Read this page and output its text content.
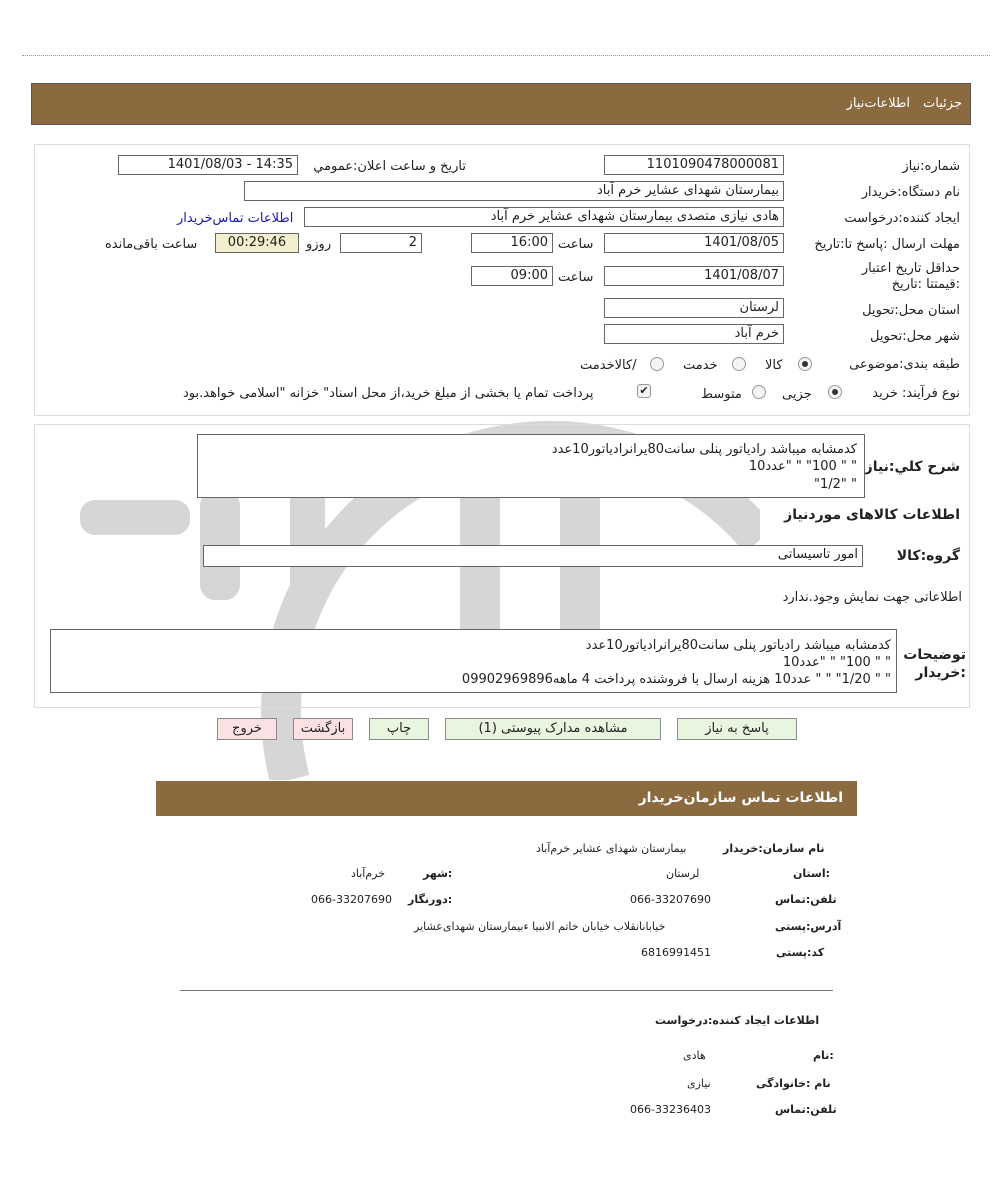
جزئیات
اطلاعات‌نیاز
شماره:نیاز
1101090478000081
تاریخ و ساعت اعلان:عمومي
1401/08/03 - 14:35
نام دستگاه:خریدار
بیمارستان شهدای عشایر خرم آباد
ایجاد کننده:درخواست
هادی نیازی متصدی بیمارستان شهدای عشایر خرم آباد
اطلاعات تماس‌خریدار
مهلت ارسال :پاسخ تا:تاریخ
1401/08/05
ساعت
16:00
2
روزو
00:29:46
ساعت باقی‌مانده
حداقل تاریخ اعتبار :قیمتتا :تاریخ
1401/08/07
ساعت
09:00
استان محل:تحویل
لرستان
شهر محل:تحویل
خرم آباد
طبقه بندی:موضوعی
کالا
خدمت
/کالاخدمت
نوع فرآیند: خرید
جزیی
متوسط
✔
پرداخت تمام یا بخشی از مبلغ خرید،از محل اسناد" خزانه "اسلامی خواهد.بود
شرح کلي:نياز
کدمشابه میباشد رادیاتور پنلی سانت80یرانرادیاتور10عدد
" " 100" " "عدد10
" "1/2"
اطلاعات کالاهای مورد‌نیاز
گروه:کالا
امور تاسیساتی
اطلاعاتی جهت نمایش وجود.ندارد
توضیحات :خریدار
کدمشابه میباشد رادیاتور پنلی سانت80یرانرادیاتور10عدد
" " 100" " "عدد10
" " 1/20" " " عدد10 هزینه ارسال با فروشنده پرداخت 4 ماهه09902969896
پاسخ به نیاز
مشاهده مدارک پیوستی (1)
چاپ
بازگشت
خروج
اطلاعات تماس سازمان‌خریدار
نام سازمان:خریدار
بیمارستان شهدای عشایر خرم‌آباد
:استان
لرستان
:شهر
خرم‌آباد
تلفن:تماس
066-33207690
:دورنگار
066-33207690
آدرس:پستی
خیابانانقلاب خیابان خاتم الانبیا ءبیمارستان شهدای‌عشایر
کد:پستی
6816991451
اطلاعات ایجاد کننده:درخواست
:نام
هادی
نام :خانوادگی
نیازی
تلفن:تماس
066-33236403
